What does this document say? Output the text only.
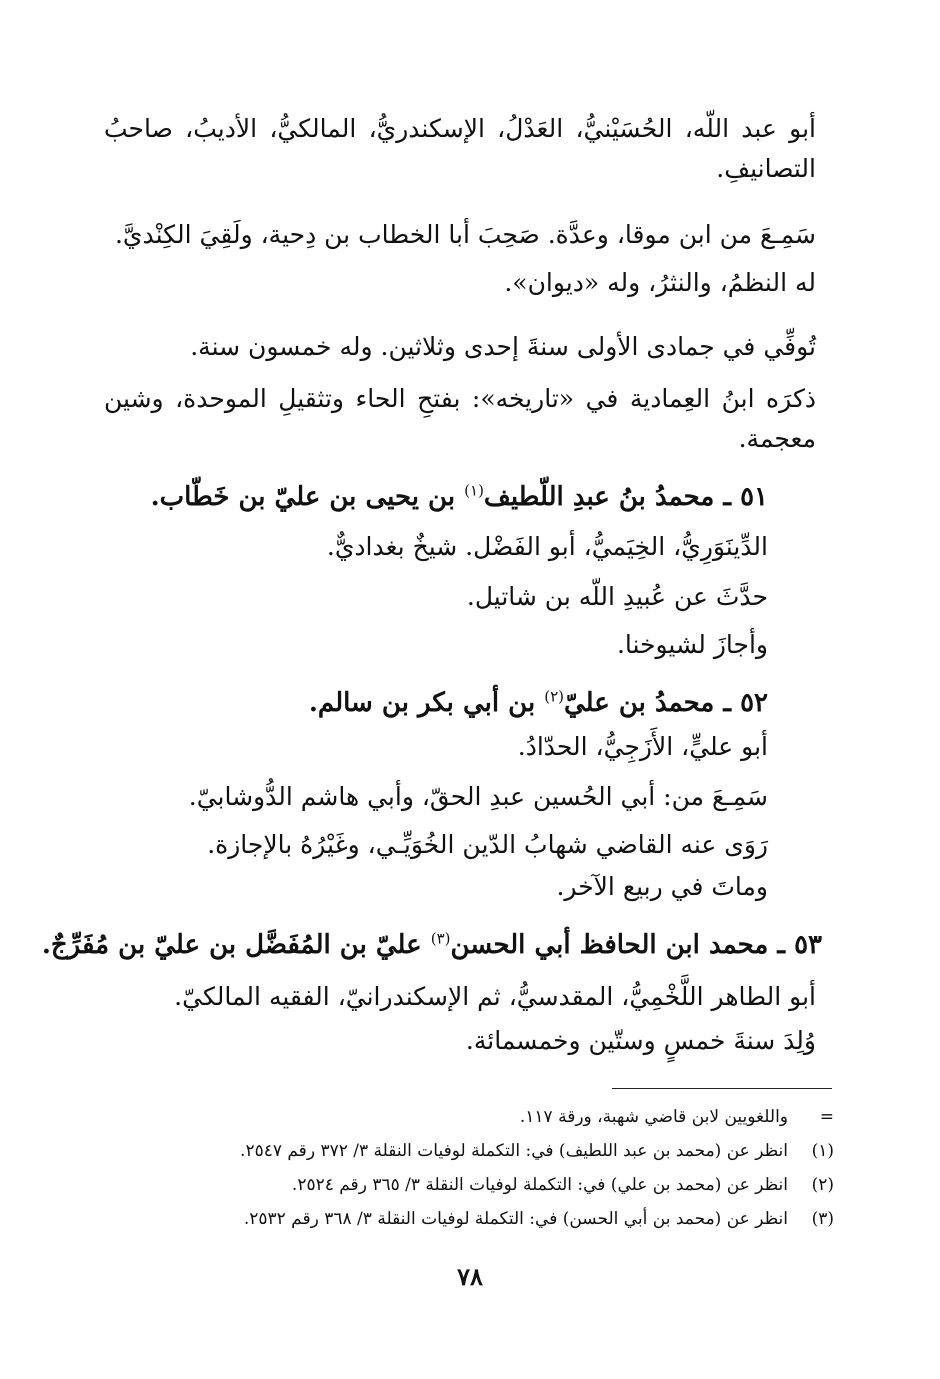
أبو عبد اللّه، الحُسَيْنيُّ، العَدْلُ، الإسكندريُّ، المالكيُّ، الأديبُ، صاحبُ
التصانيفِ.
سَمِـعَ من ابن موقا، وعدَّة. صَحِبَ أبا الخطاب بن دِحية، ولَقِيَ الكِنْديَّ.
له النظمُ، والنثرُ، وله «ديوان».
تُوفِّي في جمادى الأولى سنةَ إحدى وثلاثين. وله خمسون سنة.
ذكرَه ابنُ العِمادية في «تاريخه»: بفتحِ الحاء وتثقيلِ الموحدة، وشين
معجمة.
٥١ ـ محمدُ بنُ عبدِ اللّطيف$^{(١)}$ بن يحيى بن عليّ بن خَطّاب.
الدِّينَوَرِيُّ، الخِيَميُّ، أبو الفَضْل. شيخٌ بغداديٌّ.
حدَّثَ عن عُبيدِ اللّه بن شاتيل.
وأجازَ لشيوخنا.
٥٢ ـ محمدُ بن عليّ$^{(٢)}$ بن أبي بكر بن سالم.
أبو عليٍّ، الأَزَجِيُّ، الحدّادُ.
سَمِـعَ من: أبي الحُسين عبدِ الحقّ، وأبي هاشم الدُّوشابيّ.
رَوَى عنه القاضي شهابُ الدّين الخُوَيِّـي، وغَيْرُهُ بالإجازة.
وماتَ في ربيع الآخر.
٥٣ ـ محمد ابن الحافظ أبي الحسن$^{(٣)}$ عليّ بن المُفَضَّل بن عليّ بن مُفَرِّجٌ.
أبو الطاهر اللَّخْمِيُّ، المقدسيُّ، ثم الإسكندرانيّ، الفقيه المالكيّ.
وُلِدَ سنةَ خمسٍ وستّين وخمسمائة.
=
واللغويين لابن قاضي شهبة، ورقة ١١٧.
(١)
انظر عن (محمد بن عبد اللطيف) في: التكملة لوفيات النقلة ٣/ ٣٧٢ رقم ٢٥٤٧.
(٢)
انظر عن (محمد بن علي) في: التكملة لوفيات النقلة ٣/ ٣٦٥ رقم ٢٥٢٤.
(٣)
انظر عن (محمد بن أبي الحسن) في: التكملة لوفيات النقلة ٣/ ٣٦٨ رقم ٢٥٣٢.
٧٨
